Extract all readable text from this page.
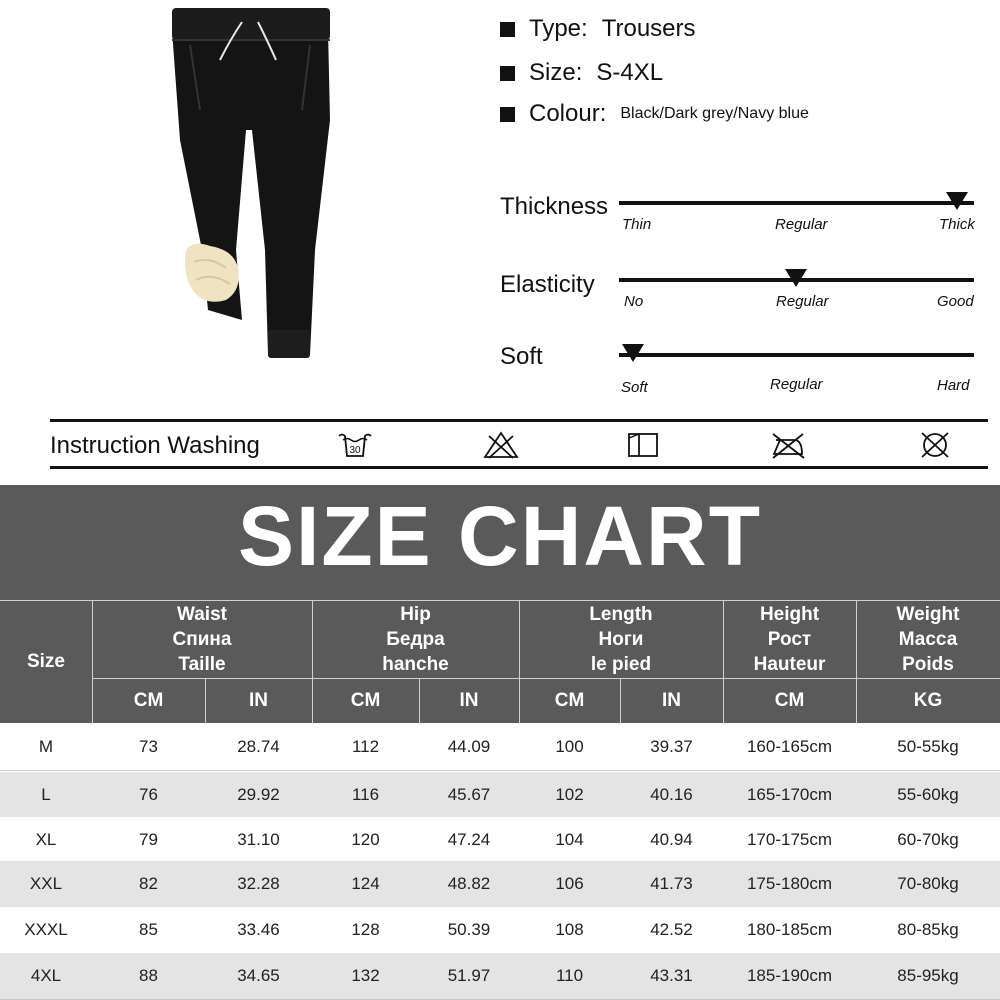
Type: Trousers
Size: S-4XL
Colour: Black/Dark grey/Navy blue
Thickness
Thin	Regular	Thick
Elasticity
No	Regular	Good
Soft
Soft	Regular	Hard
Instruction Washing	30
SIZE CHART
Size
Waist
Спина
Taille
Hip
Бедра
hanche
Length
Ноги
le pied
Height
Рост
Hauteur
Weight
Масса
Poids
CM	IN	CM	IN	CM	IN	CM	KG
M	73	28.74	112	44.09	100	39.37	160-165cm	50-55kg
L	76	29.92	116	45.67	102	40.16	165-170cm	55-60kg
XL	79	31.10	120	47.24	104	40.94	170-175cm	60-70kg
XXL	82	32.28	124	48.82	106	41.73	175-180cm	70-80kg
XXXL	85	33.46	128	50.39	108	42.52	180-185cm	80-85kg
4XL	88	34.65	132	51.97	110	43.31	185-190cm	85-95kg
